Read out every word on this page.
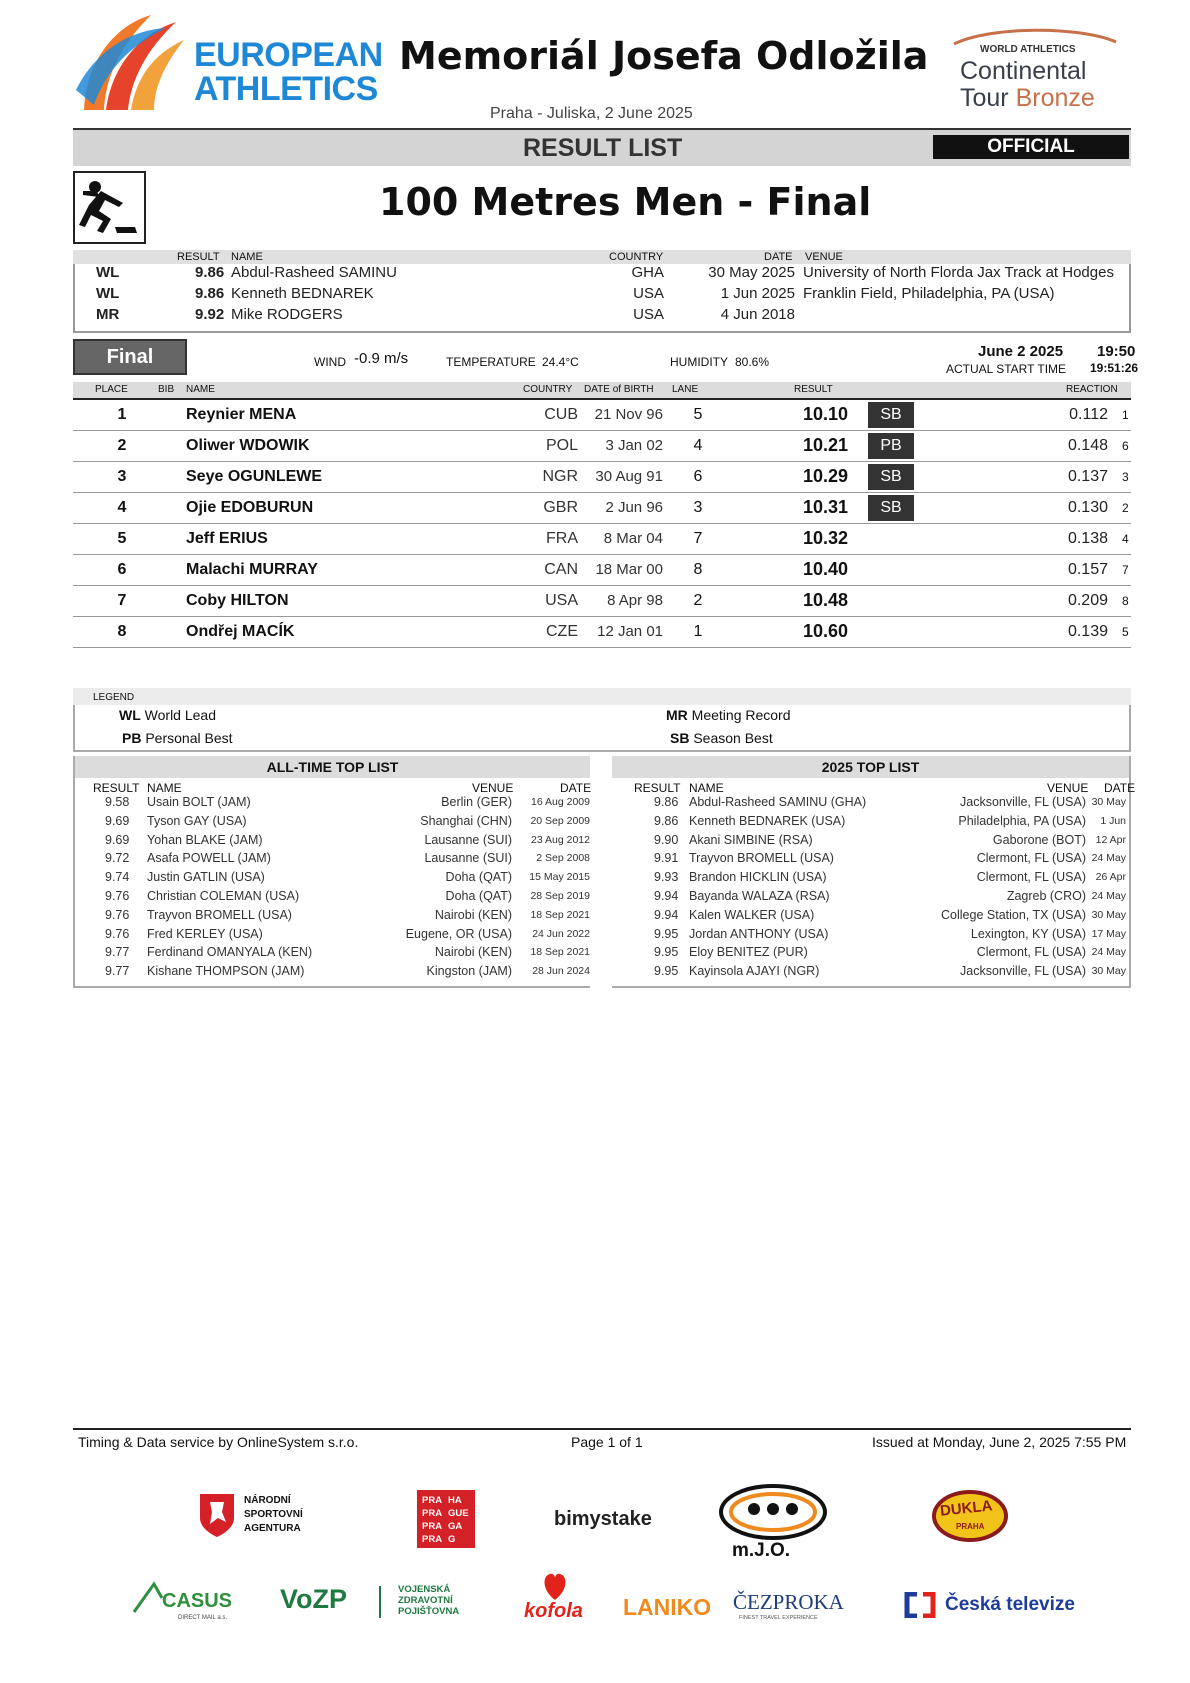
EUROPEAN
ATHLETICS
Memoriál Josefa Odložila
Praha - Juliska, 2 June 2025
WORLD ATHLETICS
Continental
Tour Bronze
RESULT LIST	OFFICIAL
100 Metres Men - Final
RESULT NAME	COUNTRY	DATE VENUE
WL	9.86 Abdul-Rasheed SAMINU	GHA	30 May 2025 University of North Florda Jax Track at Hodges
WL	9.86 Kenneth BEDNAREK	USA	1 Jun 2025 Franklin Field, Philadelphia, PA (USA)
MR	9.92 Mike RODGERS	USA	4 Jun 2018
Final	WIND -0.9 m/s	TEMPERATURE 24.4°C	HUMIDITY 80.6%
June 2 2025 19:50
ACTUAL START TIME 19:51:26
PLACE	BIB NAME	COUNTRY DATE of BIRTH LANE	RESULT	REACTION
1	Reynier MENA	CUB	21 Nov 96	5	10.10	SB	0.112 1
2	Oliwer WDOWIK	POL	3 Jan 02	4	10.21	PB	0.148 6
3	Seye OGUNLEWE	NGR	30 Aug 91	6	10.29	SB	0.137 3
4	Ojie EDOBURUN	GBR	2 Jun 96	3	10.31	SB	0.130 2
5	Jeff ERIUS	FRA	8 Mar 04	7	10.32	0.138 4
6	Malachi MURRAY	CAN	18 Mar 00	8	10.40	0.157 7
7	Coby HILTON	USA	8 Apr 98	2	10.48	0.209 8
8	Ondřej MACÍK	CZE	12 Jan 01	1	10.60	0.139 5
LEGEND
WL World Lead	MR Meeting Record
PB Personal Best	SB Season Best
ALL-TIME TOP LIST	2025 TOP LIST
RESULT NAME	VENUE	DATE	RESULT NAME	VENUE DATE
9.58 Usain BOLT (JAM)	Berlin (GER)	16 Aug 2009
9.69 Tyson GAY (USA)	Shanghai (CHN)	20 Sep 2009
9.69 Yohan BLAKE (JAM)	Lausanne (SUI)	23 Aug 2012
9.72 Asafa POWELL (JAM)	Lausanne (SUI)	2 Sep 2008
9.74 Justin GATLIN (USA)	Doha (QAT)	15 May 2015
9.76 Christian COLEMAN (USA)	Doha (QAT)	28 Sep 2019
9.76 Trayvon BROMELL (USA)	Nairobi (KEN)	18 Sep 2021
9.76 Fred KERLEY (USA)	Eugene, OR (USA)	24 Jun 2022
9.77 Ferdinand OMANYALA (KEN)	Nairobi (KEN)	18 Sep 2021
9.77 Kishane THOMPSON (JAM)	Kingston (JAM)	28 Jun 2024
9.86 Abdul-Rasheed SAMINU (GHA)	Jacksonville, FL (USA) 30 May
9.86 Kenneth BEDNAREK (USA)	Philadelphia, PA (USA)	1 Jun
9.90 Akani SIMBINE (RSA)	Gaborone (BOT) 12 Apr
9.91 Trayvon BROMELL (USA)	Clermont, FL (USA) 24 May
9.93 Brandon HICKLIN (USA)	Clermont, FL (USA) 26 Apr
9.94 Bayanda WALAZA (RSA)	Zagreb (CRO) 24 May
9.94 Kalen WALKER (USA)	College Station, TX (USA) 30 May
9.95 Jordan ANTHONY (USA)	Lexington, KY (USA) 17 May
9.95 Eloy BENITEZ (PUR)	Clermont, FL (USA) 24 May
9.95 Kayinsola AJAYI (NGR)	Jacksonville, FL (USA) 30 May
Timing & Data service by OnlineSystem s.r.o.	Page 1 of 1	Issued at Monday, June 2, 2025 7:55 PM
NÁRODNÍ
SPORTOVNÍ
AGENTURA
PRA HA
PRA GUE
PRA GA
PRA G
bimystake
m.J.O.
DUKLA
PRAHA
CASUS
DIRECT MAIL a.s.
VoZP	VOJENSKÁ
ZDRAVOTNÍ
POJIŠŤOVNA	kofola LANIKO ČEZPROKA
FINEST TRAVEL EXPERIENCE
Česká televize
